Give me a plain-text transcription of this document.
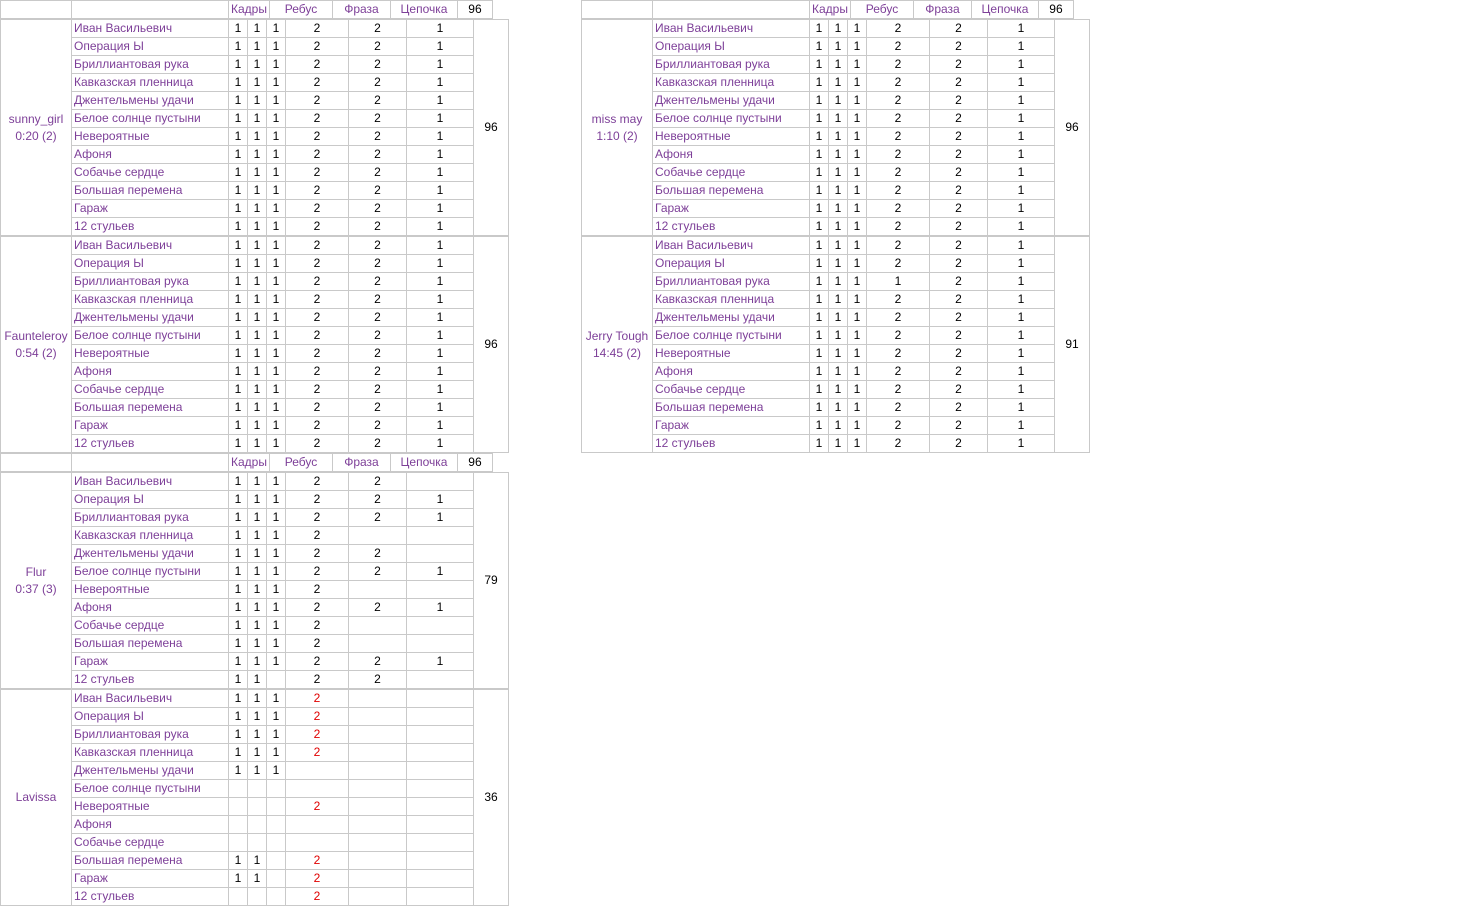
		Кадры	Ребус	Фраза	Цепочка	96
sunny_girl
0:20 (2)	Иван Васильевич	1	1	1	2	2	1	96
	Операция Ы	1	1	1	2	2	1	
	Бриллиантовая рука	1	1	1	2	2	1	
	Кавказская пленница	1	1	1	2	2	1	
	Джентельмены удачи	1	1	1	2	2	1	
	Белое солнце пустыни	1	1	1	2	2	1	
	Невероятные	1	1	1	2	2	1	
	Афоня	1	1	1	2	2	1	
	Собачье сердце	1	1	1	2	2	1	
	Большая перемена	1	1	1	2	2	1	
	Гараж	1	1	1	2	2	1	
	12 стульев	1	1	1	2	2	1	
Faunteleroy
0:54 (2)	Иван Васильевич	1	1	1	2	2	1	96
	Операция Ы	1	1	1	2	2	1	
	Бриллиантовая рука	1	1	1	2	2	1	
	Кавказская пленница	1	1	1	2	2	1	
	Джентельмены удачи	1	1	1	2	2	1	
	Белое солнце пустыни	1	1	1	2	2	1	
	Невероятные	1	1	1	2	2	1	
	Афоня	1	1	1	2	2	1	
	Собачье сердце	1	1	1	2	2	1	
	Большая перемена	1	1	1	2	2	1	
	Гараж	1	1	1	2	2	1	
	12 стульев	1	1	1	2	2	1	
		Кадры	Ребус	Фраза	Цепочка	96
miss may
1:10 (2)	Иван Васильевич	1	1	1	2	2	1	96
	Операция Ы	1	1	1	2	2	1	
	Бриллиантовая рука	1	1	1	2	2	1	
	Кавказская пленница	1	1	1	2	2	1	
	Джентельмены удачи	1	1	1	2	2	1	
	Белое солнце пустыни	1	1	1	2	2	1	
	Невероятные	1	1	1	2	2	1	
	Афоня	1	1	1	2	2	1	
	Собачье сердце	1	1	1	2	2	1	
	Большая перемена	1	1	1	2	2	1	
	Гараж	1	1	1	2	2	1	
	12 стульев	1	1	1	2	2	1	
Jerry Tough
14:45 (2)	Иван Васильевич	1	1	1	2	2	1	91
	Операция Ы	1	1	1	2	2	1	
	Бриллиантовая рука	1	1	1	1	2	1	
	Кавказская пленница	1	1	1	2	2	1	
	Джентельмены удачи	1	1	1	2	2	1	
	Белое солнце пустыни	1	1	1	2	2	1	
	Невероятные	1	1	1	2	2	1	
	Афоня	1	1	1	2	2	1	
	Собачье сердце	1	1	1	2	2	1	
	Большая перемена	1	1	1	2	2	1	
	Гараж	1	1	1	2	2	1	
	12 стульев	1	1	1	2	2	1	
		Кадры	Ребус	Фраза	Цепочка	96
Flur
0:37 (3)	Иван Васильевич	1	1	1	2	2		79
	Операция Ы	1	1	1	2	2	1	
	Бриллиантовая рука	1	1	1	2	2	1	
	Кавказская пленница	1	1	1	2			
	Джентельмены удачи	1	1	1	2	2		
	Белое солнце пустыни	1	1	1	2	2	1	
	Невероятные	1	1	1	2			
	Афоня	1	1	1	2	2	1	
	Собачье сердце	1	1	1	2			
	Большая перемена	1	1	1	2			
	Гараж	1	1	1	2	2	1	
	12 стульев	1	1		2	2		
Lavissa	Иван Васильевич	1	1	1	2			36
	Операция Ы	1	1	1	2			
	Бриллиантовая рука	1	1	1	2			
	Кавказская пленница	1	1	1	2			
	Джентельмены удачи	1	1	1				
	Белое солнце пустыни							
	Невероятные				2			
	Афоня							
	Собачье сердце							
	Большая перемена	1	1		2			
	Гараж	1	1		2			
	12 стульев				2			
